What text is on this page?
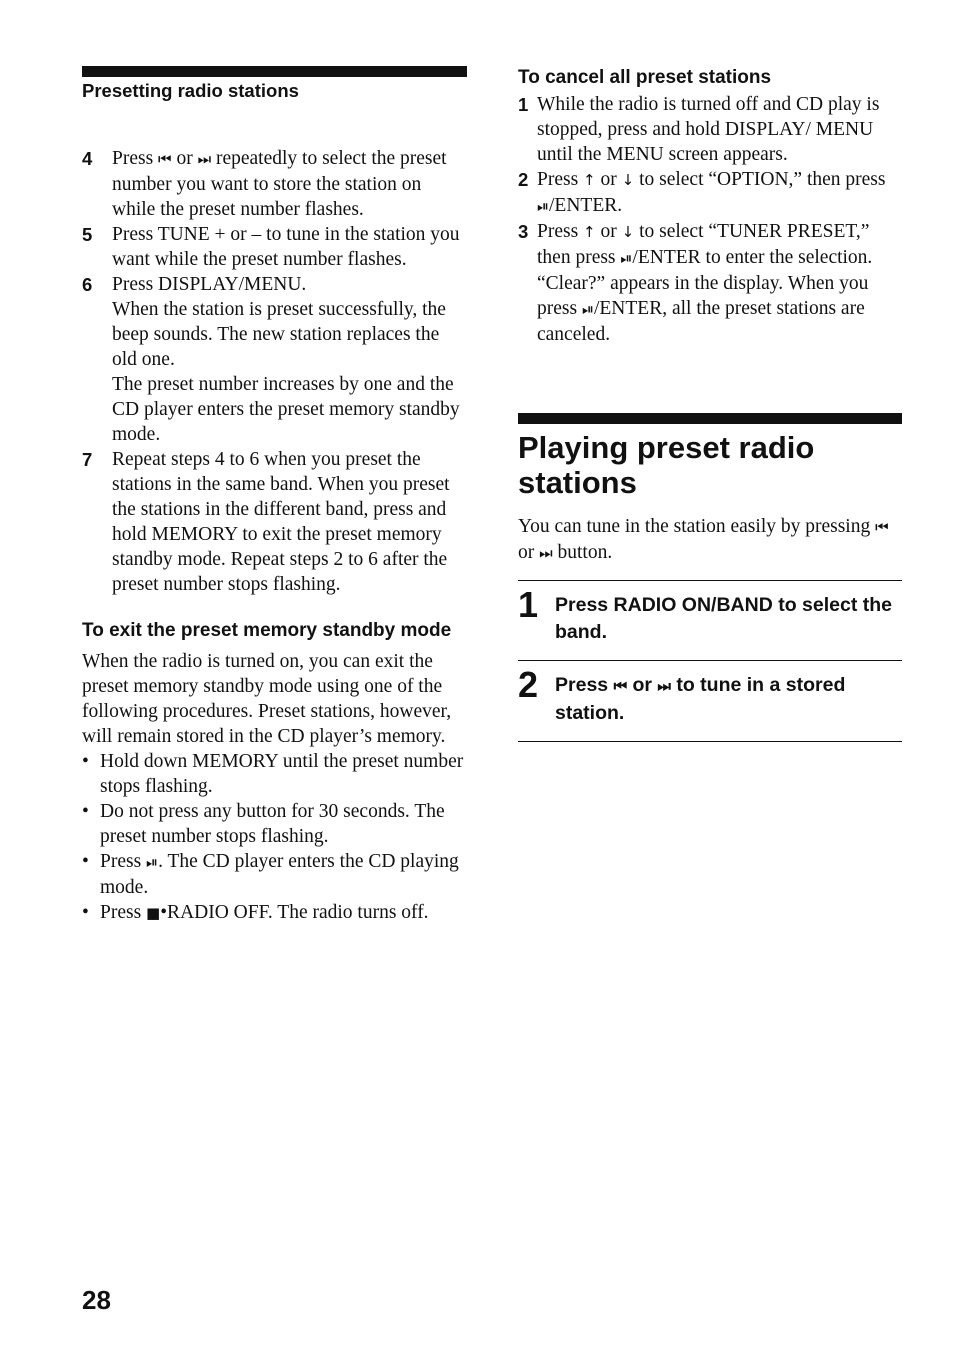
Presetting radio stations
4 Press ⏮ or ⏭ repeatedly to select the preset number you want to store the station on while the preset number flashes.

5 Press TUNE + or – to tune in the station you want while the preset number flashes.

6 Press DISPLAY/MENU.

When the station is preset successfully, the beep sounds. The new station replaces the old one.

The preset number increases by one and the CD player enters the preset memory standby mode.

7 Repeat steps 4 to 6 when you preset the stations in the same band. When you preset the stations in the different band, press and hold MEMORY to exit the preset memory standby mode. Repeat steps 2 to 6 after the preset number stops flashing.

To exit the preset memory standby mode

When the radio is turned on, you can exit the preset memory standby mode using one of the following procedures. Preset stations, however, will remain stored in the CD player’s memory.

• Hold down MEMORY until the preset number stops flashing.
• Do not press any button for 30 seconds. The preset number stops flashing.
• Press ⏯ . The CD player enters the CD playing mode.
• Press ■•RADIO OFF. The radio turns off.
To cancel all preset stations
1 While the radio is turned off and CD play is stopped, press and hold DISPLAY/ MENU until the MENU screen appears.

2 Press ↑ or ↓ to select “OPTION,” then press ⏯ /ENTER.

3 Press ↑ or ↓ to select “TUNER PRESET,” then press ⏯ /ENTER to enter the selection.

“Clear?” appears in the display. When you press ⏯ /ENTER, all the preset stations are canceled.

Playing preset radio stations
You can tune in the station easily by pressing ⏮ or ⏭ button.
1 Press RADIO ON/BAND to select the band.
2 Press ⏮ or ⏭ to tune in a stored station.
28
